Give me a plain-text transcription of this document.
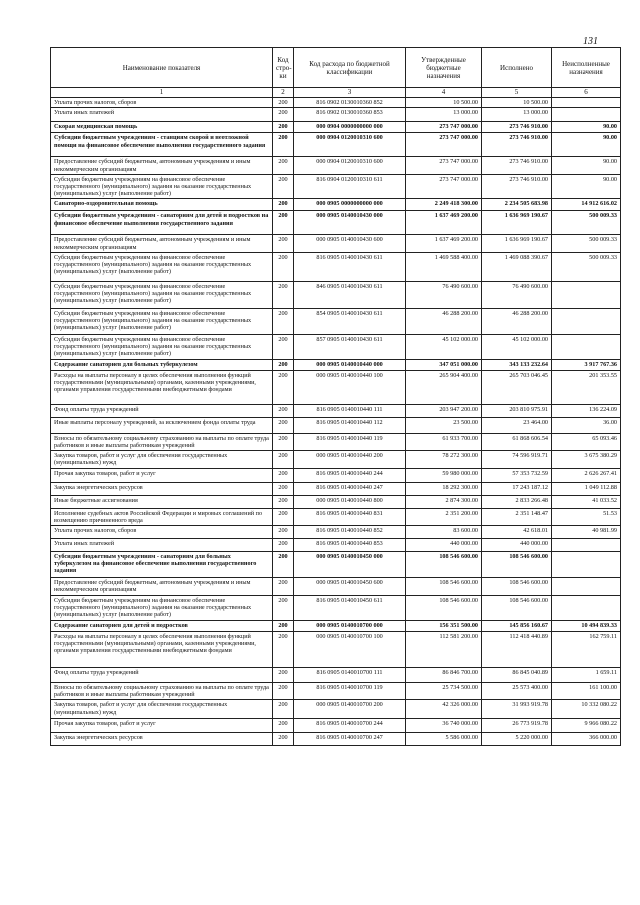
131
Наименование показателя	Код стро-ки	Код расхода по бюджетной классификации	Утвержденные бюджетные назначения	Исполнено	Неисполненные назначения
1	2	3	4	5	6
Уплата прочих налогов, сборов	200	816 0902 0130010360 852	10 500.00	10 500.00	
Уплата иных платежей	200	816 0902 0130010360 853	13 000.00	13 000.00	
Скорая медицинская помощь	200	000 0904 0000000000 000	273 747 000.00	273 746 910.00	90.00
Субсидии бюджетным учреждениям - станциям скорой и неотложной помощи на финансовое обеспечение выполнения государственного задания	200	000 0904 0120010310 600	273 747 000.00	273 746 910.00	90.00
Предоставление субсидий бюджетным, автономным учреждениям и иным некоммерческим организациям	200	000 0904 0120010310 600	273 747 000.00	273 746 910.00	90.00
Субсидии бюджетным учреждениям на финансовое обеспечение государственного (муниципального) задания на оказание государственных (муниципальных) услуг (выполнение работ)	200	816 0904 0120010310 611	273 747 000.00	273 746 910.00	90.00
Санаторно-оздоровительная помощь	200	000 0905 0000000000 000	2 249 418 300.00	2 234 505 683.98	14 912 616.02
Субсидии бюджетным учреждениям - санаториям для детей и подростков на финансовое обеспечение выполнения государственного задания	200	000 0905 0140010430 000	1 637 469 200.00	1 636 969 190.67	500 009.33
Предоставление субсидий бюджетным, автономным учреждениям и иным некоммерческим организациям	200	000 0905 0140010430 600	1 637 469 200.00	1 636 969 190.67	500 009.33
Субсидии бюджетным учреждениям на финансовое обеспечение государственного (муниципального) задания на оказание государственных (муниципальных) услуг (выполнение работ)	200	816 0905 0140010430 611	1 469 588 400.00	1 469 088 390.67	500 009.33
Субсидии бюджетным учреждениям на финансовое обеспечение государственного (муниципального) задания на оказание государственных (муниципальных) услуг (выполнение работ)	200	846 0905 0140010430 611	76 490 600.00	76 490 600.00	
Субсидии бюджетным учреждениям на финансовое обеспечение государственного (муниципального) задания на оказание государственных (муниципальных) услуг (выполнение работ)	200	854 0905 0140010430 611	46 288 200.00	46 288 200.00	
Субсидии бюджетным учреждениям на финансовое обеспечение государственного (муниципального) задания на оказание государственных (муниципальных) услуг (выполнение работ)	200	857 0905 0140010430 611	45 102 000.00	45 102 000.00	
Содержание санаториев для больных туберкулезом	200	000 0905 0140010440 000	347 051 000.00	343 133 232.64	3 917 767.36
Расходы на выплаты персоналу в целях обеспечения выполнения функций государственными (муниципальными) органами, казенными учреждениями, органами управления государственными внебюджетными фондами	200	000 0905 0140010440 100	265 904 400.00	265 703 046.45	201 353.55
Фонд оплаты труда учреждений	200	816 0905 0140010440 111	203 947 200.00	203 810 975.91	136 224.09
Иные выплаты персоналу учреждений, за исключением фонда оплаты труда	200	816 0905 0140010440 112	23 500.00	23 464.00	36.00
Взносы по обязательному социальному страхованию на выплаты по оплате труда работников и иные выплаты работникам учреждений	200	816 0905 0140010440 119	61 933 700.00	61 868 606.54	65 093.46
Закупка товаров, работ и услуг для обеспечения государственных (муниципальных) нужд	200	000 0905 0140010440 200	78 272 300.00	74 596 919.71	3 675 380.29
Прочая закупка товаров, работ и услуг	200	816 0905 0140010440 244	59 980 000.00	57 353 732.59	2 626 267.41
Закупка энергетических ресурсов	200	816 0905 0140010440 247	18 292 300.00	17 243 187.12	1 049 112.88
Иные бюджетные ассигнования	200	000 0905 0140010440 800	2 874 300.00	2 833 266.48	41 033.52
Исполнение судебных актов Российской Федерации и мировых соглашений по возмещению причиненного вреда	200	816 0905 0140010440 831	2 351 200.00	2 351 148.47	51.53
Уплата прочих налогов, сборов	200	816 0905 0140010440 852	83 600.00	42 618.01	40 981.99
Уплата иных платежей	200	816 0905 0140010440 853	440 000.00	440 000.00	
Субсидии бюджетным учреждениям - санаториям для больных туберкулезом на финансовое обеспечение выполнения государственного задания	200	000 0905 0140010450 000	108 546 600.00	108 546 600.00	
Предоставление субсидий бюджетным, автономным учреждениям и иным некоммерческим организациям	200	000 0905 0140010450 600	108 546 600.00	108 546 600.00	
Субсидии бюджетным учреждениям на финансовое обеспечение государственного (муниципального) задания на оказание государственных (муниципальных) услуг (выполнение работ)	200	816 0905 0140010450 611	108 546 600.00	108 546 600.00	
Содержание санаториев для детей и подростков	200	000 0905 0140010700 000	156 351 500.00	145 856 160.67	10 494 839.33
Расходы на выплаты персоналу в целях обеспечения выполнения функций государственными (муниципальными) органами, казенными учреждениями, органами управления государственными внебюджетными фондами	200	000 0905 0140010700 100	112 581 200.00	112 418 440.89	162 759.11
Фонд оплаты труда учреждений	200	816 0905 0140010700 111	86 846 700.00	86 845 040.89	1 659.11
Взносы по обязательному социальному страхованию на выплаты по оплате труда работников и иные выплаты работникам учреждений	200	816 0905 0140010700 119	25 734 500.00	25 573 400.00	161 100.00
Закупка товаров, работ и услуг для обеспечения государственных (муниципальных) нужд	200	000 0905 0140010700 200	42 326 000.00	31 993 919.78	10 332 080.22
Прочая закупка товаров, работ и услуг	200	816 0905 0140010700 244	36 740 000.00	26 773 919.78	9 966 080.22
Закупка энергетических ресурсов	200	816 0905 0140010700 247	5 586 000.00	5 220 000.00	366 000.00
